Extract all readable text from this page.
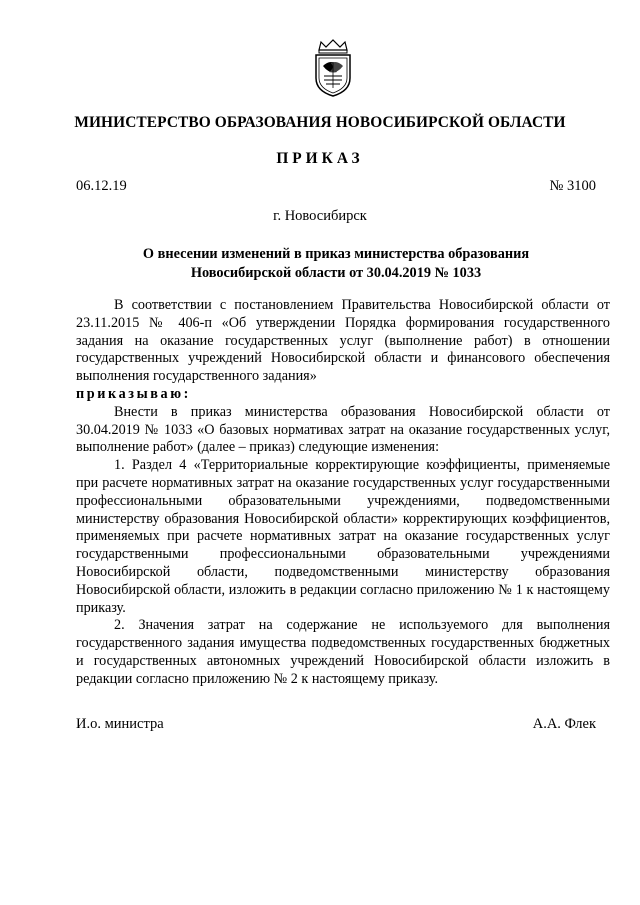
МИНИСТЕРСТВО ОБРАЗОВАНИЯ НОВОСИБИРСКОЙ ОБЛАСТИ
ПРИКАЗ
06.12.19	№ 3100
г. Новосибирск
О внесении изменений в приказ министерства образования
Новосибирской области от 30.04.2019 № 1033

В соответствии с постановлением Правительства Новосибирской области от 23.11.2015 № 406-п «Об утверждении Порядка формирования государственного задания на оказание государственных услуг (выполнение работ) в отношении государственных учреждений Новосибирской области и финансового обеспечения выполнения государственного задания»
приказываю:

Внести в приказ министерства образования Новосибирской области от 30.04.2019 № 1033 «О базовых нормативах затрат на оказание государственных услуг, выполнение работ» (далее – приказ) следующие изменения:

1. Раздел 4 «Территориальные корректирующие коэффициенты, применяемые при расчете нормативных затрат на оказание государственных услуг государственными профессиональными образовательными учреждениями, подведомственными министерству образования Новосибирской области» корректирующих коэффициентов, применяемых при расчете нормативных затрат на оказание государственных услуг государственными профессиональными образовательными учреждениями Новосибирской области, подведомственными министерству образования Новосибирской области, изложить в редакции согласно приложению № 1 к настоящему приказу.

2. Значения затрат на содержание не используемого для выполнения государственного задания имущества подведомственных государственных бюджетных и государственных автономных учреждений Новосибирской области изложить в редакции согласно приложению № 2 к настоящему приказу.

И.о. министра	А.А. Флек
